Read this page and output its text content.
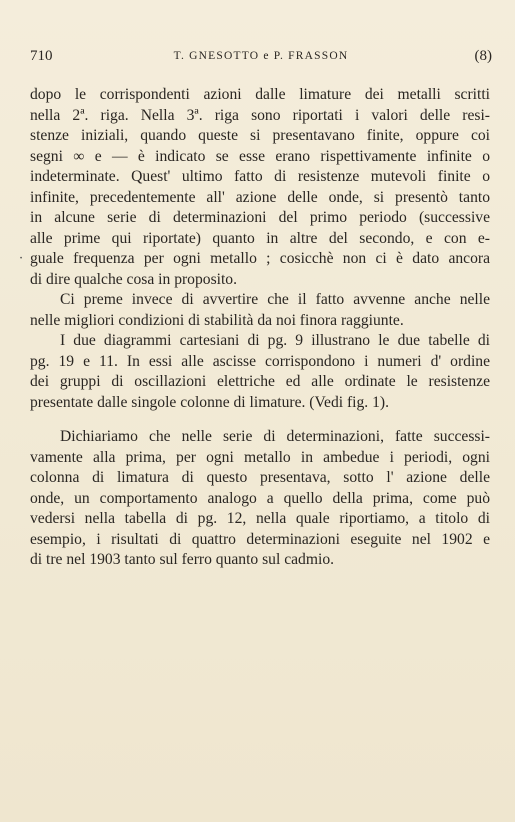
710	T. GNESOTTO e P. FRASSON	(8)
·
dopo le corrispondenti azioni dalle limature dei metalli scritti
nella 2ª. riga. Nella 3ª. riga sono riportati i valori delle resi-
stenze iniziali, quando queste si presentavano finite, oppure coi
segni ∞ e — è indicato se esse erano rispettivamente infinite o
indeterminate. Quest' ultimo fatto di resistenze mutevoli finite o
infinite, precedentemente all' azione delle onde, si presentò tanto
in alcune serie di determinazioni del primo periodo (successive
alle prime qui riportate) quanto in altre del secondo, e con e-
guale frequenza per ogni metallo ; cosicchè non ci è dato ancora
di dire qualche cosa in proposito.
Ci preme invece di avvertire che il fatto avvenne anche nelle
nelle migliori condizioni di stabilità da noi finora raggiunte.
I due diagrammi cartesiani di pg. 9 illustrano le due tabelle di
pg. 19 e 11. In essi alle ascisse corrispondono i numeri d' ordine
dei gruppi di oscillazioni elettriche ed alle ordinate le resistenze
presentate dalle singole colonne di limature. (Vedi fig. 1).
Dichiariamo che nelle serie di determinazioni, fatte successi-
vamente alla prima, per ogni metallo in ambedue i periodi, ogni
colonna di limatura di questo presentava, sotto l' azione delle
onde, un comportamento analogo a quello della prima, come può
vedersi nella tabella di pg. 12, nella quale riportiamo, a titolo di
esempio, i risultati di quattro determinazioni eseguite nel 1902 e
di tre nel 1903 tanto sul ferro quanto sul cadmio.
